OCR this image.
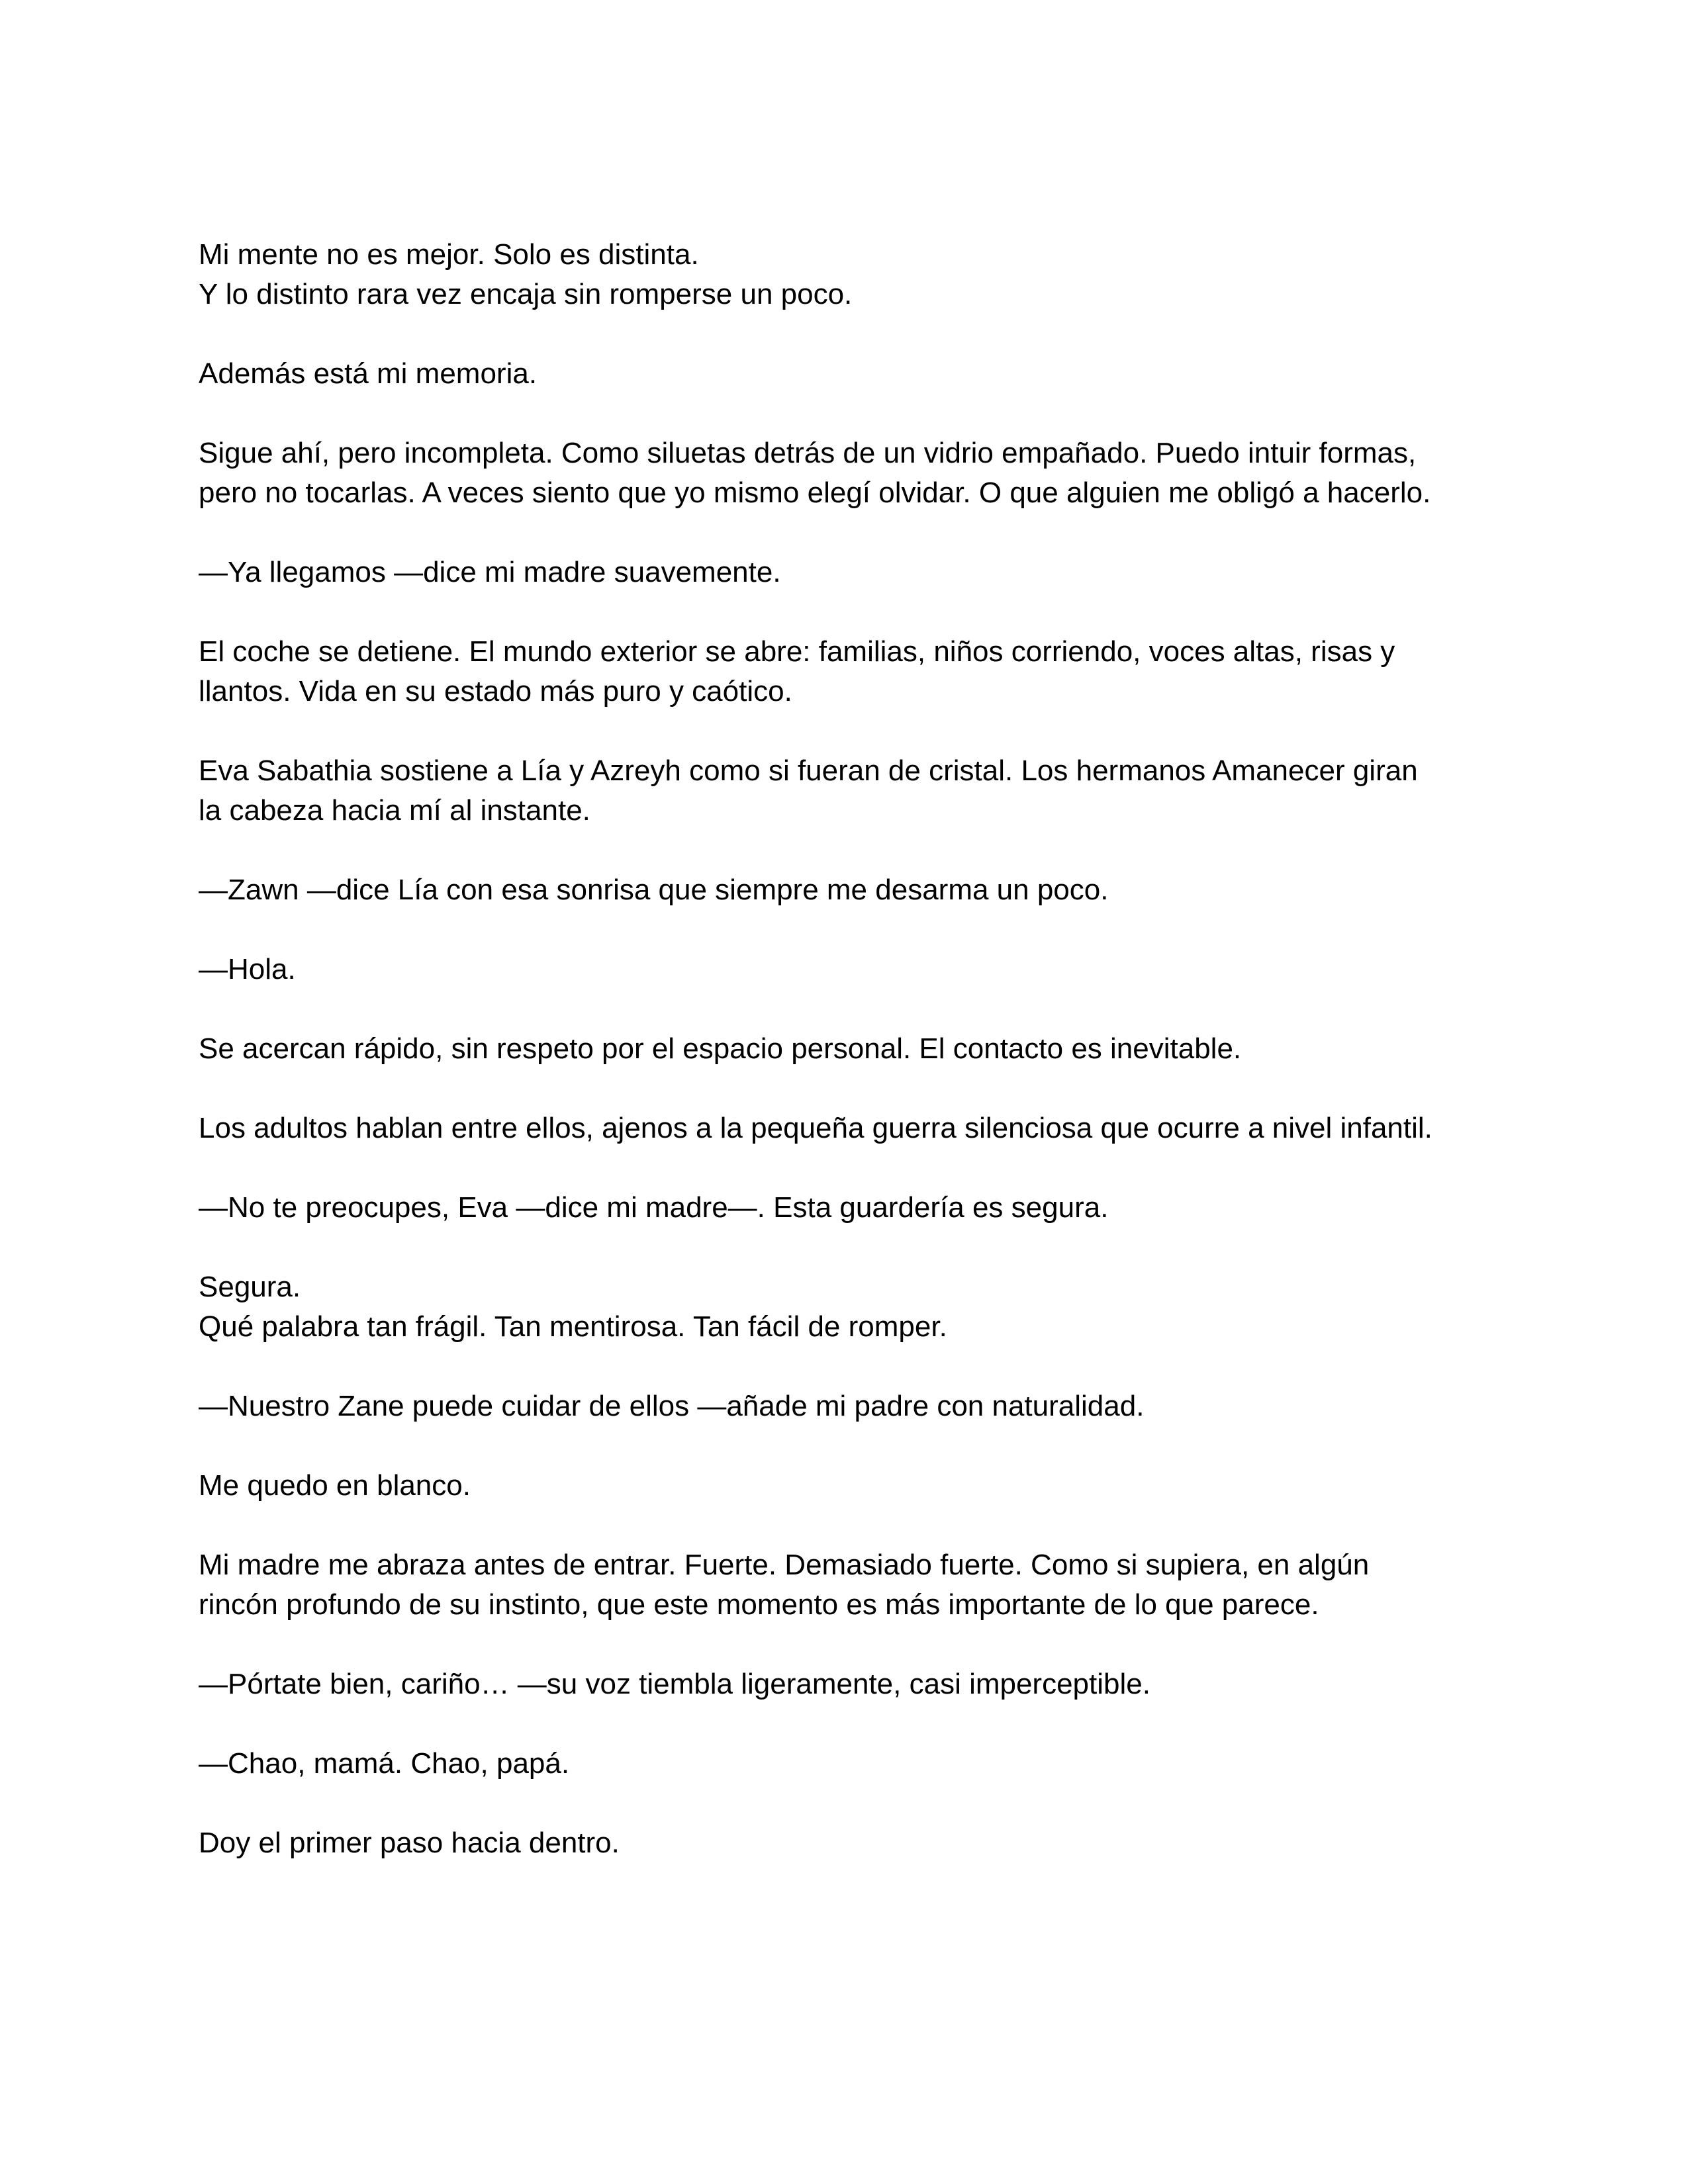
Mi mente no es mejor. Solo es distinta.
Y lo distinto rara vez encaja sin romperse un poco.

Además está mi memoria.

Sigue ahí, pero incompleta. Como siluetas detrás de un vidrio empañado. Puedo intuir formas,
pero no tocarlas. A veces siento que yo mismo elegí olvidar. O que alguien me obligó a hacerlo.

—Ya llegamos —dice mi madre suavemente.

El coche se detiene. El mundo exterior se abre: familias, niños corriendo, voces altas, risas y
llantos. Vida en su estado más puro y caótico.

Eva Sabathia sostiene a Lía y Azreyh como si fueran de cristal. Los hermanos Amanecer giran
la cabeza hacia mí al instante.

—Zawn —dice Lía con esa sonrisa que siempre me desarma un poco.

—Hola.

Se acercan rápido, sin respeto por el espacio personal. El contacto es inevitable.

Los adultos hablan entre ellos, ajenos a la pequeña guerra silenciosa que ocurre a nivel infantil.

—No te preocupes, Eva —dice mi madre—. Esta guardería es segura.

Segura.
Qué palabra tan frágil. Tan mentirosa. Tan fácil de romper.

—Nuestro Zane puede cuidar de ellos —añade mi padre con naturalidad.

Me quedo en blanco.

Mi madre me abraza antes de entrar. Fuerte. Demasiado fuerte. Como si supiera, en algún
rincón profundo de su instinto, que este momento es más importante de lo que parece.

—Pórtate bien, cariño… —su voz tiembla ligeramente, casi imperceptible.

—Chao, mamá. Chao, papá.

Doy el primer paso hacia dentro.
